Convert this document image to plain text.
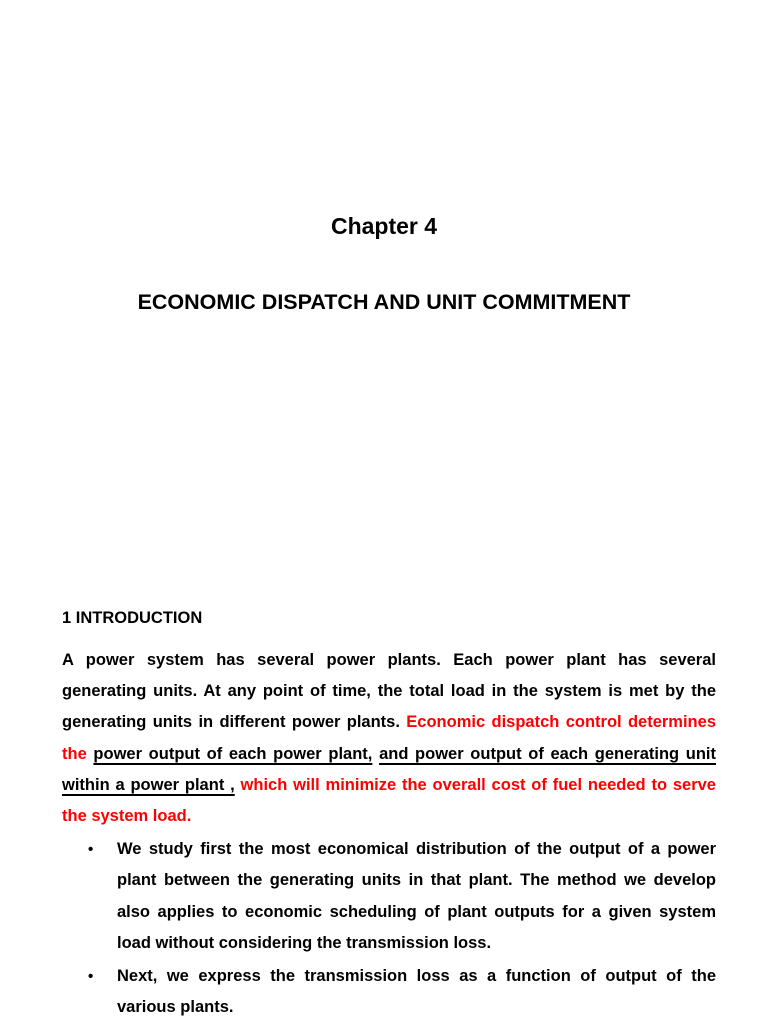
Chapter 4
ECONOMIC DISPATCH AND UNIT COMMITMENT
1 INTRODUCTION

A power system has several power plants. Each power plant has several generating units. At any point of time, the total load in the system is met by the generating units in different power plants. Economic dispatch control determines the power output of each power plant, and power output of each generating unit within a power plant , which will minimize the overall cost of fuel needed to serve the system load.

• We study first the most economical distribution of the output of a power plant between the generating units in that plant. The method we develop also applies to economic scheduling of plant outputs for a given system load without considering the transmission loss.
• Next, we express the transmission loss as a function of output of the various plants.
